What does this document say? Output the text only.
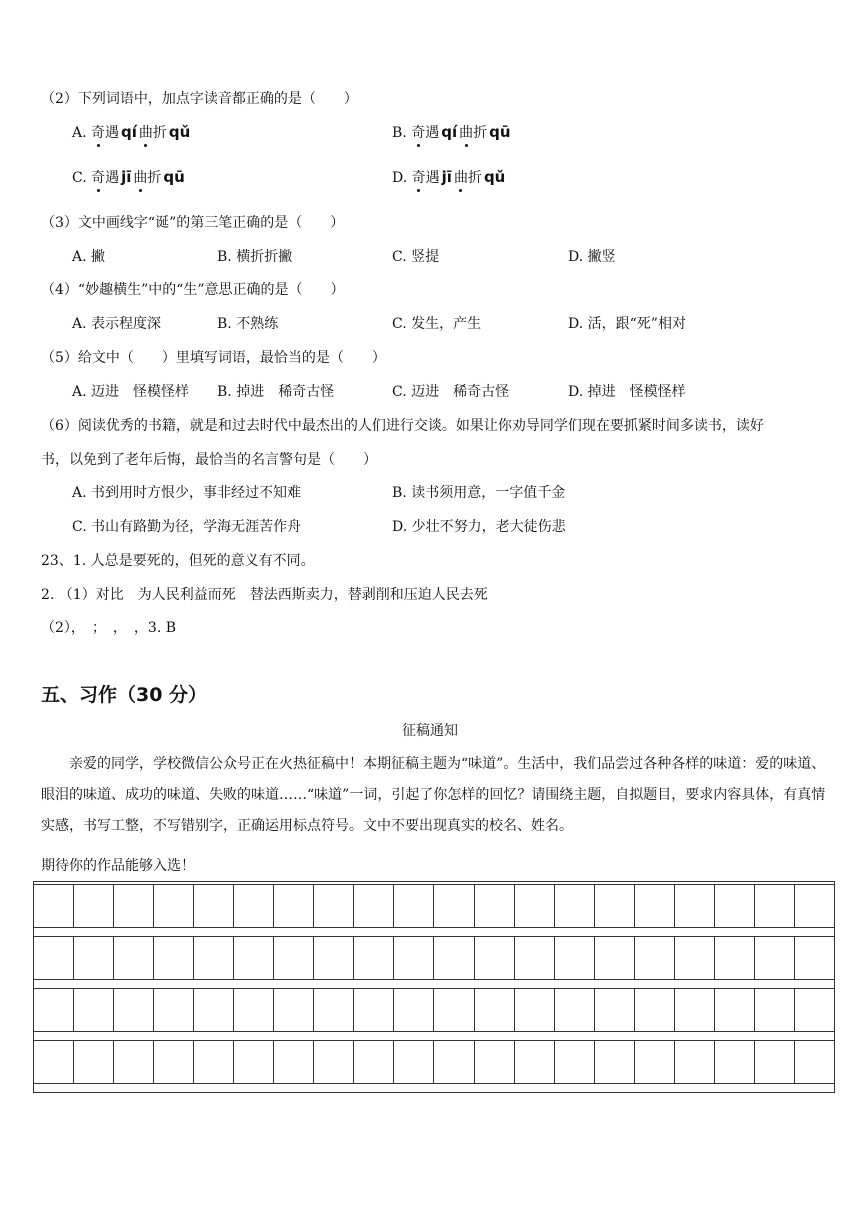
（2）下列词语中，加点字读音都正确的是（　　）
A. 奇遇 qí 曲折 qǔ	B. 奇遇 qí 曲折 qū
C. 奇遇 jī 曲折 qū	D. 奇遇 jī 曲折 qǔ
（3）文中画线字“诞”的第三笔正确的是（　　）
A. 撇	B. 横折折撇	C. 竖提	D. 撇竖
（4）“妙趣横生”中的“生”意思正确的是（　　）
A. 表示程度深	B. 不熟练	C. 发生，产生	D. 活，跟“死”相对
（5）给文中（　　）里填写词语，最恰当的是（　　）
A. 迈进　怪模怪样 B. 掉进　稀奇古怪	C. 迈进　稀奇古怪	D. 掉进　怪模怪样
（6）阅读优秀的书籍，就是和过去时代中最杰出的人们进行交谈。如果让你劝导同学们现在要抓紧时间多读书，读好
书，以免到了老年后悔，最恰当的名言警句是（　　）
A. 书到用时方恨少，事非经过不知难	B. 读书须用意，一字值千金
C. 书山有路勤为径，学海无涯苦作舟	D. 少壮不努力，老大徒伤悲
23、1. 人总是要死的，但死的意义有不同。
2. （1）对比　为人民利益而死　替法西斯卖力，替剥削和压迫人民去死
（2），　；　，　，3. B
五、习作（30 分）
征稿通知
亲爱的同学，学校微信公众号正在火热征稿中！本期征稿主题为“味道”。生活中，我们品尝过各种各样的味道：爱的味道、眼泪的味道、成功的味道、失败的味道……“味道”一词，引起了你怎样的回忆？请围绕主题，自拟题目，要求内容具体，有真情实感，书写工整，不写错别字，正确运用标点符号。文中不要出现真实的校名、姓名。
期待你的作品能够入选！
